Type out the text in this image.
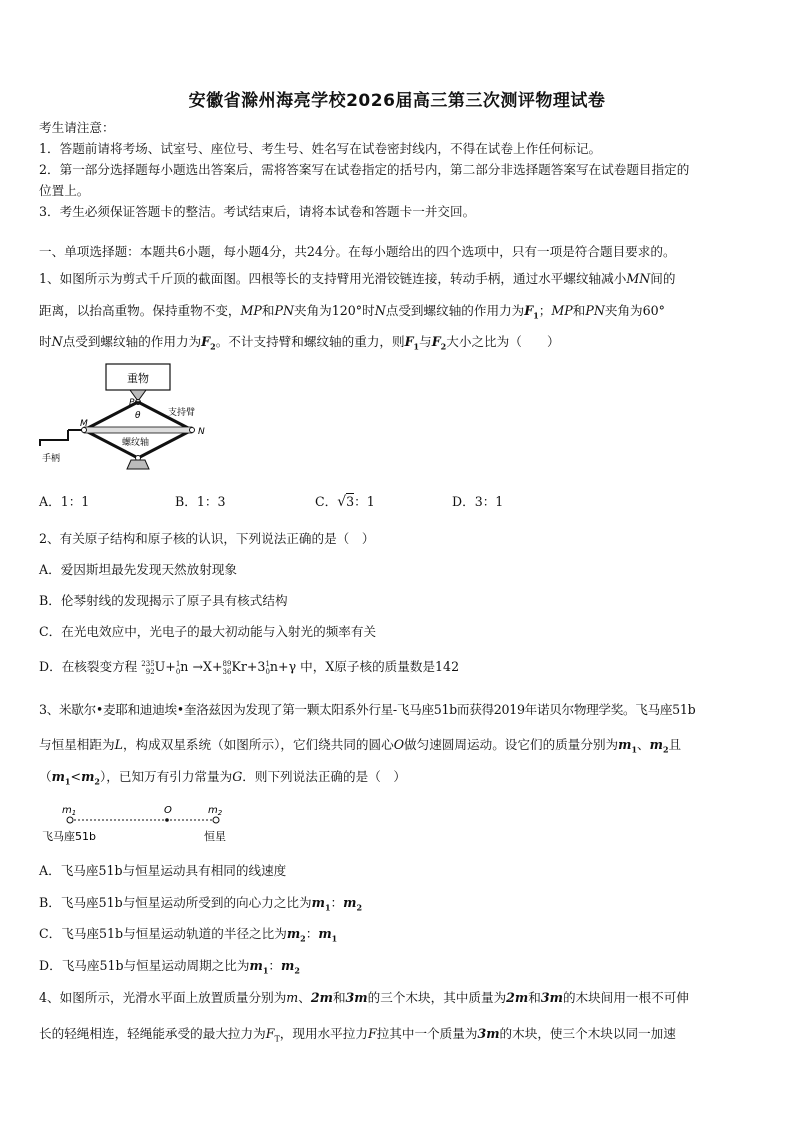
安徽省滁州海亮学校2026届高三第三次测评物理试卷
考生请注意：
1．答题前请将考场、试室号、座位号、考生号、姓名写在试卷密封线内，不得在试卷上作任何标记。
2．第一部分选择题每小题选出答案后，需将答案写在试卷指定的括号内，第二部分非选择题答案写在试卷题目指定的
位置上。
3．考生必须保证答题卡的整洁。考试结束后，请将本试卷和答题卡一并交回。
一、单项选择题：本题共6小题，每小题4分，共24分。在每小题给出的四个选项中，只有一项是符合题目要求的。
1、如图所示为剪式千斤顶的截面图。四根等长的支持臂用光滑铰链连接，转动手柄，通过水平螺纹轴减小MN间的
距离，以抬高重物。保持重物不变，MP和PN夹角为120°时N点受到螺纹轴的作用力为$F_1$；MP和PN夹角为60°
时N点受到螺纹轴的作用力为$F_2$。不计支持臂和螺纹轴的重力，则$F_1$与$F_2$大小之比为（　　）
重物
P
θ	支持臂
M
N
螺纹轴
手柄
A．1：1	B．1：3	C．√3：1	D．3：1
2、有关原子结构和原子核的认识，下列说法正确的是（　）
A．爱因斯坦最先发现天然放射现象
B．伦琴射线的发现揭示了原子具有核式结构
C．在光电效应中，光电子的最大初动能与入射光的频率有关
D．在核裂变方程 235
92U+1
0n →X+89
36Kr+31
0n+γ 中，X原子核的质量数是142
3、米歇尔•麦耶和迪迪埃•奎洛兹因为发现了第一颗太阳系外行星-飞马座51b而获得2019年诺贝尔物理学奖。飞马座51b
与恒星相距为L，构成双星系统（如图所示），它们绕共同的圆心O做匀速圆周运动。设它们的质量分别为$m_1$、$m_2$且
$(m_1<m_2)$，已知万有引力常量为G．则下列说法正确的是（　）
$m_1$	O	$m_2$
飞马座51b	恒星
A．飞马座51b与恒星运动具有相同的线速度
B．飞马座51b与恒星运动所受到的向心力之比为$m_1$：$m_2$
C．飞马座51b与恒星运动轨道的半径之比为$m_2$：$m_1$
D．飞马座51b与恒星运动周期之比为$m_1$：$m_2$
4、如图所示，光滑水平面上放置质量分别为m、2m和3m的三个木块，其中质量为2m和3m的木块间用一根不可伸
长的轻绳相连，轻绳能承受的最大拉力为$F_T$，现用水平拉力F拉其中一个质量为3m的木块，使三个木块以同一加速
